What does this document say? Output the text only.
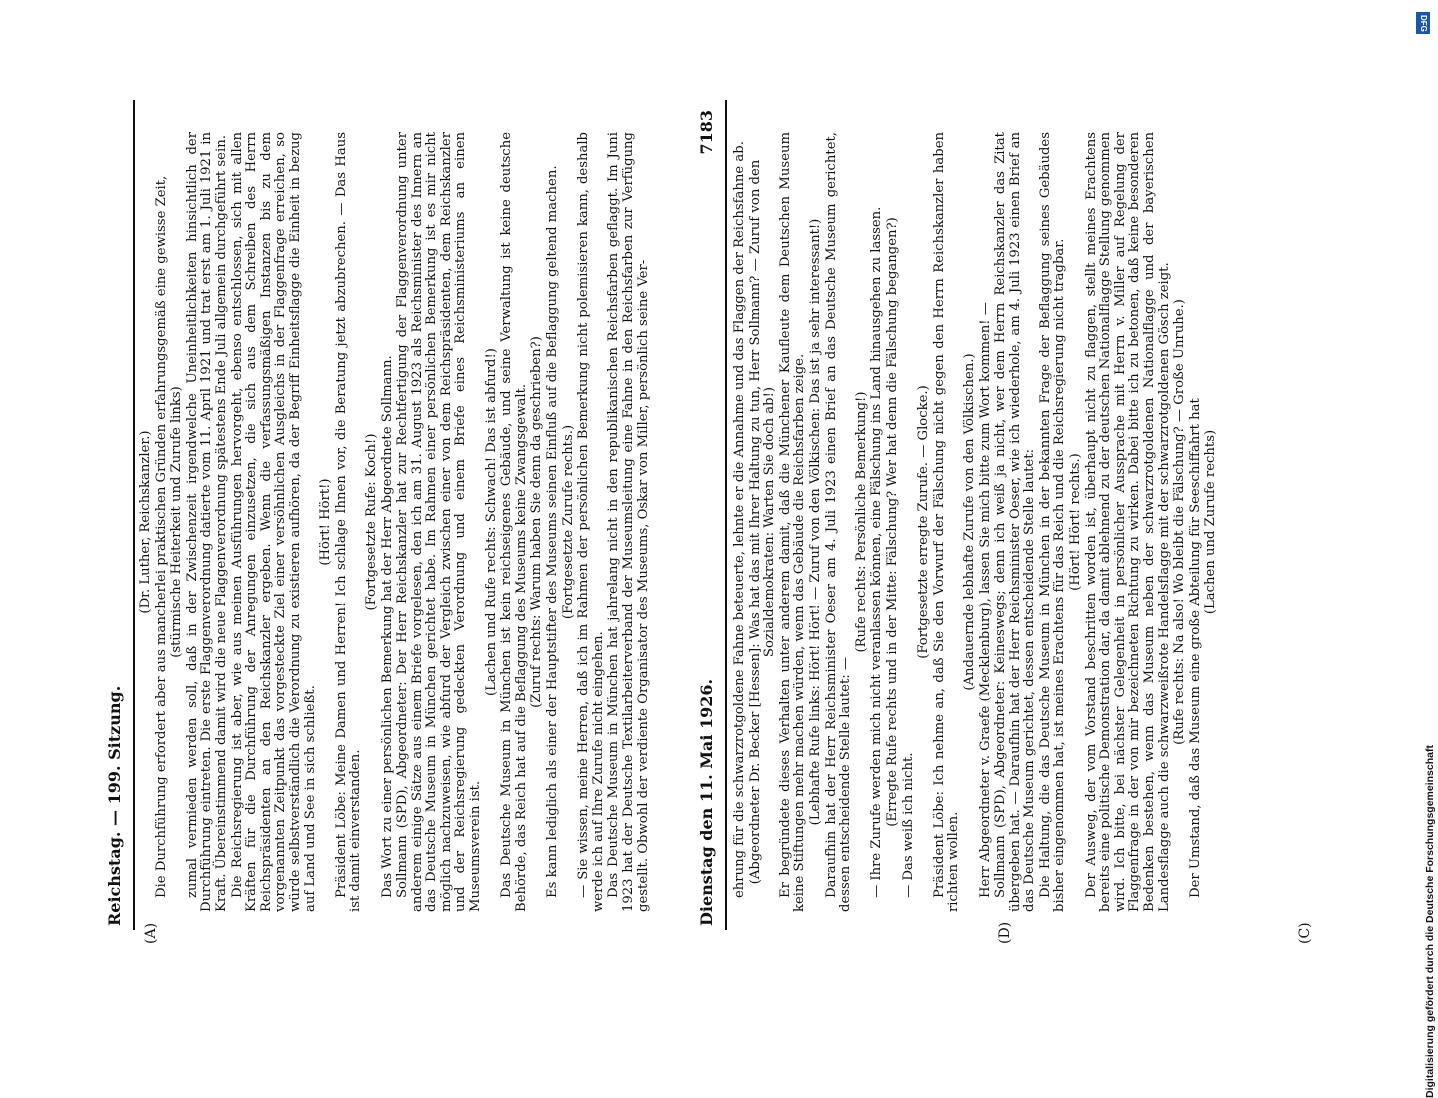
Reichstag. — 199. Sitzung.
(A)

(Dr. Luther, Reichskanzler.) Die Durchführung erfordert aber aus mancherlei praktischen Gründen erfahrungsgemäß eine gewisse Zeit, (stürmische Heiterkeit und Zurufe links) zumal vermieden werden soll, daß in der Zwischenzeit irgendwelche Uneinheitlichkeiten hinsichtlich der Durchführung eintreten. Die erste Flaggenverordnung datierte vom 11. April 1921 und trat erst am 1. Juli 1921 in Kraft. Übereinstimmend damit wird die neue Flaggenverordnung spätestens Ende Juli allgemein durchgeführt sein. Die Reichsregierung ist aber, wie aus meinen Ausführungen hervorgeht, ebenso entschlossen, sich mit allen Kräften für die Durchführung der Anregungen einzusetzen, die sich aus dem Schreiben des Herrn Reichspräsidenten an den Reichskanzler ergeben. Wenn die verfassungsmäßigen Instanzen bis zu dem vorgenannten Zeitpunkt das vorgesteckte Ziel einer versöhnlichen Ausgleichs in der Flaggenfrage erreichen, so würde selbstverständlich die Verordnung zu existieren aufhören, da der Begriff Einheitsflagge die Einheit in bezug auf Land und See in sich schließt.

(Hört! Hört!) Präsident Löbe: Meine Damen und Herren! Ich schlage Ihnen vor, die Beratung jetzt abzubrechen. — Das Haus ist damit einverstanden.

(Fortgesetzte Rufe: Koch!) Das Wort zu einer persönlichen Bemerkung hat der Herr Abgeordnete Sollmann. Sollmann (SPD), Abgeordneter: Der Herr Reichskanzler hat zur Rechtfertigung der Flaggenverordnung unter anderem einige Sätze aus einem Briefe vorgelesen, den ich am 31. August 1923 als Reichsminister des Innern an das Deutsche Museum in München gerichtet habe. Im Rahmen einer persönlichen Bemerkung ist es mir nicht möglich nachzuweisen, wie abfurd der Vergleich zwischen einer von dem Reichspräsidenten, dem Reichskanzler und der Reichsregierung gedeckten Verordnung und einem Briefe eines Reichsministeriums an einen Museumsverein ist.

(Lachen und Rufe rechts: Schwach! Das ist abfurd!) Das Deutsche Museum in München ist kein reichseigenes Gebäude, und seine Verwaltung ist keine deutsche Behörde, das Reich hat auf die Beflaggung des Museums keine Zwangsgewalt. (Zuruf rechts: Warum haben Sie denn da geschrieben?) Es kann lediglich als einer der Hauptstifter des Museums seinen Einfluß auf die Beflaggung geltend machen. (Fortgesetzte Zurufe rechts.) — Sie wissen, meine Herren, daß ich im Rahmen der persönlichen Bemerkung nicht polemisieren kann, deshalb werde ich auf Ihre Zurufe nicht eingehen. Das Deutsche Museum in München hat jahrelang nicht in den republikanischen Reichsfarben geflaggt. Im Juni 1923 hat der Deutsche Textilarbeiterverband der Museumsleitung eine Fahne in den Reichsfarben zur Verfügung gestellt. Obwohl der verdiente Organisator des Museums, Oskar von Miller, persönlich seine Ver-	Dienstag den 11. Mai 1926.
7183
(C)
(D)

ehrung für die schwarzrotgoldene Fahne beteuerte, lehnte er die Annahme und das Flaggen der Reichsfahne ab. (Abgeordneter Dr. Becker [Hessen]: Was hat das mit Ihrer Haltung zu tun, Herr Sollmann? — Zuruf von den Sozialdemokraten: Warten Sie doch ab!) Er begründete dieses Verhalten unter anderem damit, daß die Münchener Kaufleute dem Deutschen Museum keine Stiftungen mehr machen würden, wenn das Gebäude die Reichsfarben zeige. (Lebhafte Rufe links: Hört! Hört! — Zuruf von den Völkischen: Das ist ja sehr interessant!) Daraufhin hat der Herr Reichsminister Oeser am 4. Juli 1923 einen Brief an das Deutsche Museum gerichtet, dessen entscheidende Stelle lautet: —

(Rufe rechts: Persönliche Bemerkung!) — Ihre Zurufe werden mich nicht veranlassen können, eine Fälschung ins Land hinausgehen zu lassen. (Erregte Rufe rechts und in der Mitte: Fälschung? Wer hat denn die Fälschung begangen?) — Das weiß ich nicht.

(Fortgesetzte erregte Zurufe. — Glocke.) Präsident Löbe: Ich nehme an, daß Sie den Vorwurf der Fälschung nicht gegen den Herrn Reichskanzler haben richten wollen.

(Andauernde lebhafte Zurufe von den Völkischen.) Herr Abgeordneter v. Graefe (Mecklenburg), lassen Sie mich bitte zum Wort kommen! — Sollmann (SPD), Abgeordneter: Keineswegs; denn ich weiß ja nicht, wer dem Herrn Reichskanzler das Zitat übergeben hat. — Daraufhin hat der Herr Reichsminister Oeser, wie ich wiederhole, am 4. Juli 1923 einen Brief an das Deutsche Museum gerichtet, dessen entscheidende Stelle lautet: Die Haltung, die das Deutsche Museum in München in der bekannten Frage der Beflaggung seines Gebäudes bisher eingenommen hat, ist meines Erachtens für das Reich und die Reichsregierung nicht tragbar. (Hört! Hört! rechts.) Der Ausweg, der vom Vorstand beschritten worden ist, überhaupt nicht zu flaggen, stellt meines Erachtens bereits eine politische Demonstration dar, da damit ablehnend zu der deutschen Nationalflagge Stellung genommen wird. Ich bitte, bei nächster Gelegenheit in persönlicher Aussprache mit Herrn v. Miller auf Regelung der Flaggenfrage in der von mir bezeichneten Richtung zu wirken. Dabei bitte ich zu betonen, daß keine besonderen Bedenken bestehen, wenn das Museum neben der schwarzrotgoldenen Nationalflagge und der bayerischen Landesflagge auch die schwarzweißrote Handelsflagge mit der schwarzrotgoldenen Gösch zeigt. (Rufe rechts: Na also! Wo bleibt die Fälschung? — Große Unruhe.) Der Umstand, daß das Museum eine große Abteilung für Seeschiffahrt hat (Lachen und Zurufe rechts)

DFG
Digitalisierung gefördert durch die Deutsche Forschungsgemeinschaft
